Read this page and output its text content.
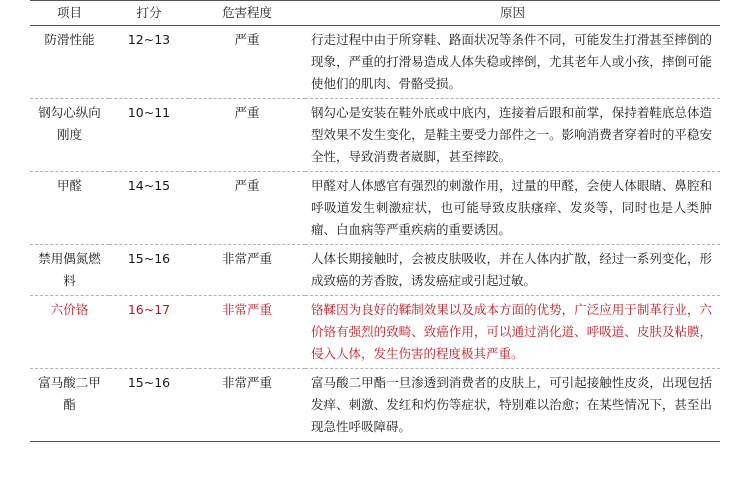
项目	打分	危害程度	原因
防滑性能	12~13	严重	行走过程中由于所穿鞋、路面状况等条件不同，可能发生打滑甚至摔倒的现象，严重的打滑易造成人体失稳或摔倒，尤其老年人或小孩，摔倒可能使他们的肌肉、骨骼受损。
钢勾心纵向刚度	10~11	严重	钢勾心是安装在鞋外底或中底内，连接着后跟和前掌，保持着鞋底总体造型效果不发生变化，是鞋主要受力部件之一。影响消费者穿着时的平稳安全性，导致消费者崴脚，甚至摔跤。
甲醛	14~15	严重	甲醛对人体感官有强烈的刺激作用，过量的甲醛，会使人体眼睛、鼻腔和呼吸道发生刺激症状，也可能导致皮肤瘙痒、发炎等，同时也是人类肿瘤、白血病等严重疾病的重要诱因。
禁用偶氮燃料	15~16	非常严重	人体长期接触时，会被皮肤吸收，并在人体内扩散，经过一系列变化，形成致癌的芳香胺，诱发癌症或引起过敏。
六价铬	16~17	非常严重	铬鞣因为良好的鞣制效果以及成本方面的优势，广泛应用于制革行业，六价铬有强烈的致畸、致癌作用，可以通过消化道、呼吸道、皮肤及粘膜，侵入人体，发生伤害的程度极其严重。
富马酸二甲酯	15~16	非常严重	富马酸二甲酯一旦渗透到消费者的皮肤上，可引起接触性皮炎，出现包括发痒、刺激、发红和灼伤等症状，特别难以治愈；在某些情况下，甚至出现急性呼吸障碍。
